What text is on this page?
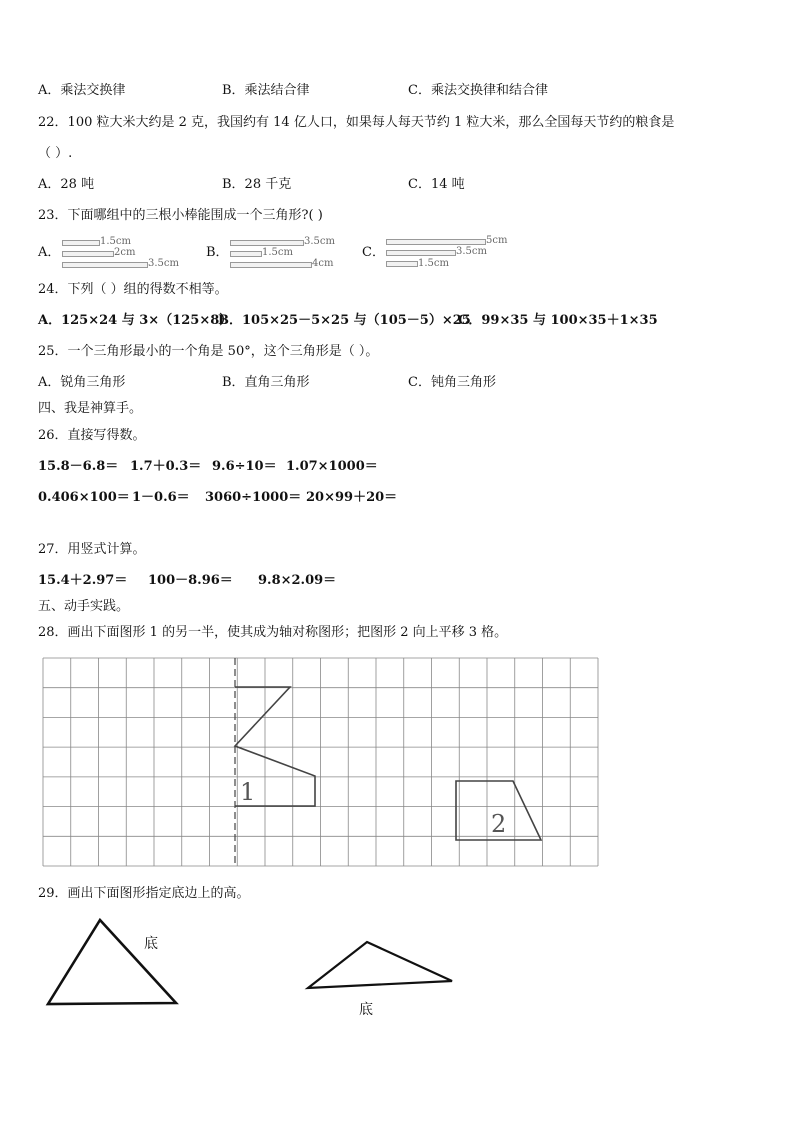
A．乘法交换律	B．乘法结合律	C．乘法交换律和结合律
22．100 粒大米大约是 2 克，我国约有 14 亿人口，如果每人每天节约 1 粒大米，那么全国每天节约的粮食是
（ ）.
A．28 吨	B．28 千克	C．14 吨
23．下面哪组中的三根小棒能围成一个三角形?( )
A．	B．	C．
1.5cm
2cm
3.5cm
3.5cm
1.5cm
4cm
5cm
3.5cm
1.5cm
24．下列（ ）组的得数不相等。
A．125×24 与 3×（125×8）
B．105×25－5×25 与（105－5）×25
C．99×35 与 100×35＋1×35
25．一个三角形最小的一个角是 50°，这个三角形是（ ）。
A．锐角三角形	B．直角三角形	C．钝角三角形
四、我是神算手。
26．直接写得数。
15.8－6.8＝ 1.7＋0.3＝ 9.6÷10＝ 1.07×1000＝
0.406×100＝ 1－0.6＝ 3060÷1000＝ 20×99＋20＝
27．用竖式计算。
15.4＋2.97＝ 100－8.96＝ 9.8×2.09＝
五、动手实践。
28．画出下面图形 1 的另一半，使其成为轴对称图形；把图形 2 向上平移 3 格。
1
2
29．画出下面图形指定底边上的高。
底
底
